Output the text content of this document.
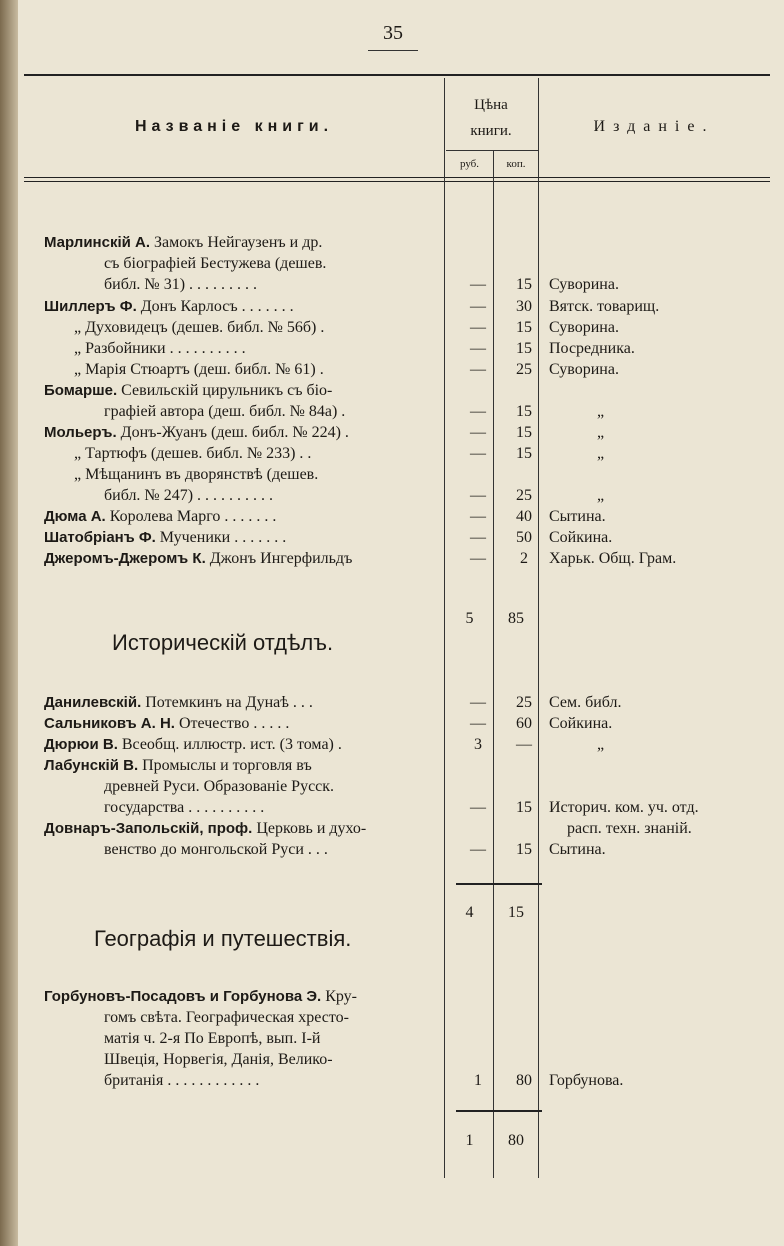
35
Названіе книги.
Цѣна
книги.
руб.	коп.
Изданіе.
Марлинскій А. Замокъ Нейгаузенъ и др.
съ біографіей Бестужева (дешев.
библ. № 31) . . . . . . . . .	—	15	Суворина.
Шиллеръ Ф. Донъ Карлосъ . . . . . . .	—	30	Вятск. товарищ.
„ Духовидецъ (дешев. библ. № 56б) .	—	15	Суворина.
„ Разбойники . . . . . . . . . .	—	15	Посредника.
„ Марія Стюартъ (деш. библ. № 61) .	—	25	Суворина.
Бомарше. Севильскій цирульникъ съ біо-
графіей автора (деш. библ. № 84а) .	—	15	„
Мольеръ. Донъ-Жуанъ (деш. библ. № 224) .	—	15	„
„ Тартюфъ (дешев. библ. № 233) . .	—	15	„
„ Мѣщанинъ въ дворянствѣ (дешев.
библ. № 247) . . . . . . . . . .	—	25	„
Дюма А. Королева Марго . . . . . . .	—	40	Сытина.
Шатобріанъ Ф. Мученики . . . . . . .	—	50	Сойкина.
Джеромъ-Джеромъ К. Джонъ Ингерфильдъ	—	2	Харьк. Общ. Грам.
5	85
Историческій отдѣлъ.
Данилевскій. Потемкинъ на Дунаѣ . . .	—	25	Сем. библ.
Сальниковъ А. Н. Отечество . . . . .	—	60	Сойкина.
Дюрюи В. Всеобщ. иллюстр. ист. (3 тома) .	3	—	„
Лабунскій В. Промыслы и торговля въ
древней Руси. Образованіе Русск.
государства . . . . . . . . . .	—	15	Историч. ком. уч. отд.
расп. техн. знаній.
Довнаръ-Запольскій, проф. Церковь и духо-
венство до монгольской Руси . . .	—	15	Сытина.
4	15
Географія и путешествія.
Горбуновъ-Посадовъ и Горбунова Э. Кру-
гомъ свѣта. Географическая хресто-
матія ч. 2-я По Европѣ, вып. I-й
Швеція, Норвегія, Данія, Велико-
британія . . . . . . . . . . . .	1	80	Горбунова.
1	80
